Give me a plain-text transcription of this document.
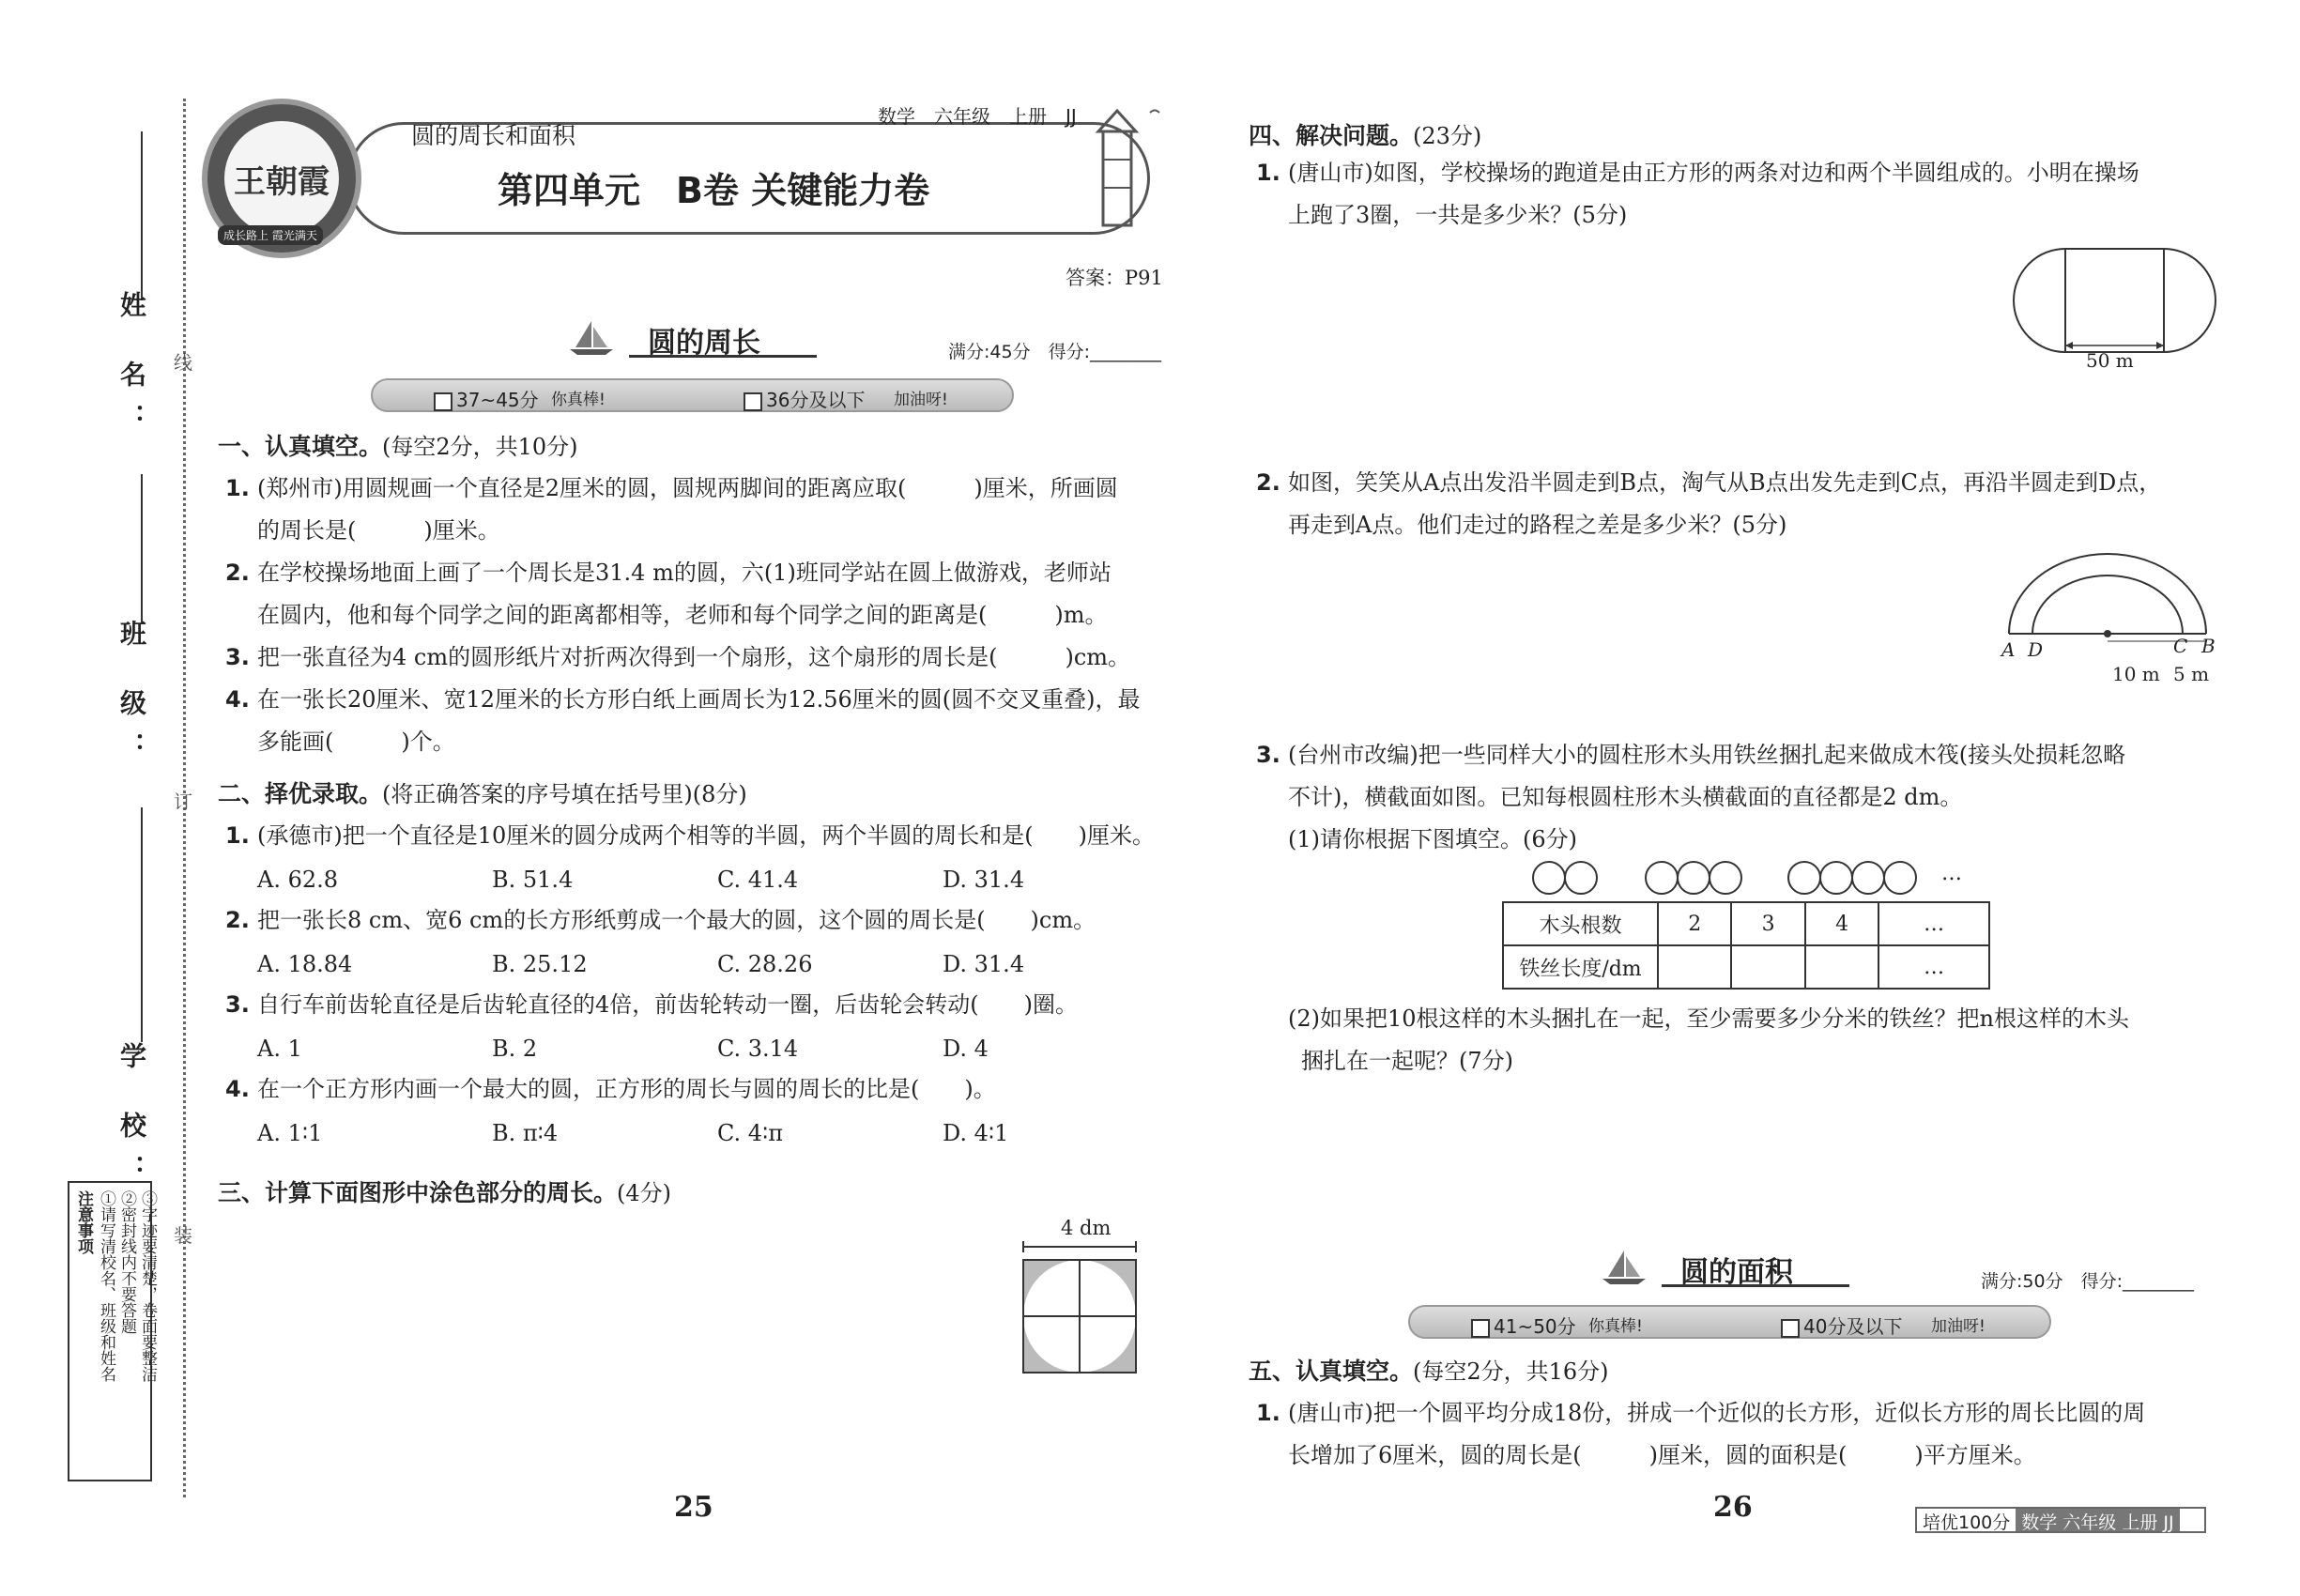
姓 名：
班 级：
学 校：
线
订
装
注意事项 ①请写清校名、班级和姓名 ②密封线内不要答题 ③字迹要清楚，卷面要整洁
王朝霞
成长路上 霞光满天
圆的周长和面积
数学　六年级　上册　JJ
第四单元　B卷 关键能力卷
答案：P91
圆的周长	满分:45分　得分:________
37~45分 你真棒!	36分及以下 加油呀!
一、认真填空。(每空2分，共10分)
1. (郑州市)用圆规画一个直径是2厘米的圆，圆规两脚间的距离应取(　　　)厘米，所画圆
的周长是(　　　)厘米。
2. 在学校操场地面上画了一个周长是31.4 m的圆，六(1)班同学站在圆上做游戏，老师站
在圆内，他和每个同学之间的距离都相等，老师和每个同学之间的距离是(　　　)m。
3. 把一张直径为4 cm的圆形纸片对折两次得到一个扇形，这个扇形的周长是(　　　)cm。
4. 在一张长20厘米、宽12厘米的长方形白纸上画周长为12.56厘米的圆(圆不交叉重叠)，最
多能画(　　　)个。
二、择优录取。(将正确答案的序号填在括号里)(8分)
1. (承德市)把一个直径是10厘米的圆分成两个相等的半圆，两个半圆的周长和是(　　)厘米。
A. 62.8	B. 51.4	C. 41.4	D. 31.4
2. 把一张长8 cm、宽6 cm的长方形纸剪成一个最大的圆，这个圆的周长是(　　)cm。
A. 18.84	B. 25.12	C. 28.26	D. 31.4
3. 自行车前齿轮直径是后齿轮直径的4倍，前齿轮转动一圈，后齿轮会转动(　　)圈。
A. 1	B. 2	C. 3.14	D. 4
4. 在一个正方形内画一个最大的圆，正方形的周长与圆的周长的比是(　　)。
A. 1∶1	B. π∶4	C. 4∶π	D. 4∶1
三、计算下面图形中涂色部分的周长。(4分)
4 dm
25
四、解决问题。(23分)
1. (唐山市)如图，学校操场的跑道是由正方形的两条对边和两个半圆组成的。小明在操场
上跑了3圈，一共是多少米？(5分)
50 m
2. 如图，笑笑从A点出发沿半圆走到B点，淘气从B点出发先走到C点，再沿半圆走到D点，
再走到A点。他们走过的路程之差是多少米？(5分)
A D	C B
10 m 5 m
3. (台州市改编)把一些同样大小的圆柱形木头用铁丝捆扎起来做成木筏(接头处损耗忽略
不计)，横截面如图。已知每根圆柱形木头横截面的直径都是2 dm。
(1)请你根据下图填空。(6分)
…
木头根数	2	3	4	…
铁丝长度/dm				…
(2)如果把10根这样的木头捆扎在一起，至少需要多少分米的铁丝？把n根这样的木头
捆扎在一起呢？(7分)
圆的面积	满分:50分　得分:________
41~50分 你真棒!	40分及以下 加油呀!
五、认真填空。(每空2分，共16分)
1. (唐山市)把一个圆平均分成18份，拼成一个近似的长方形，近似长方形的周长比圆的周
长增加了6厘米，圆的周长是(　　　)厘米，圆的面积是(　　　)平方厘米。
26	培优100分 数学 六年级 上册 JJ
